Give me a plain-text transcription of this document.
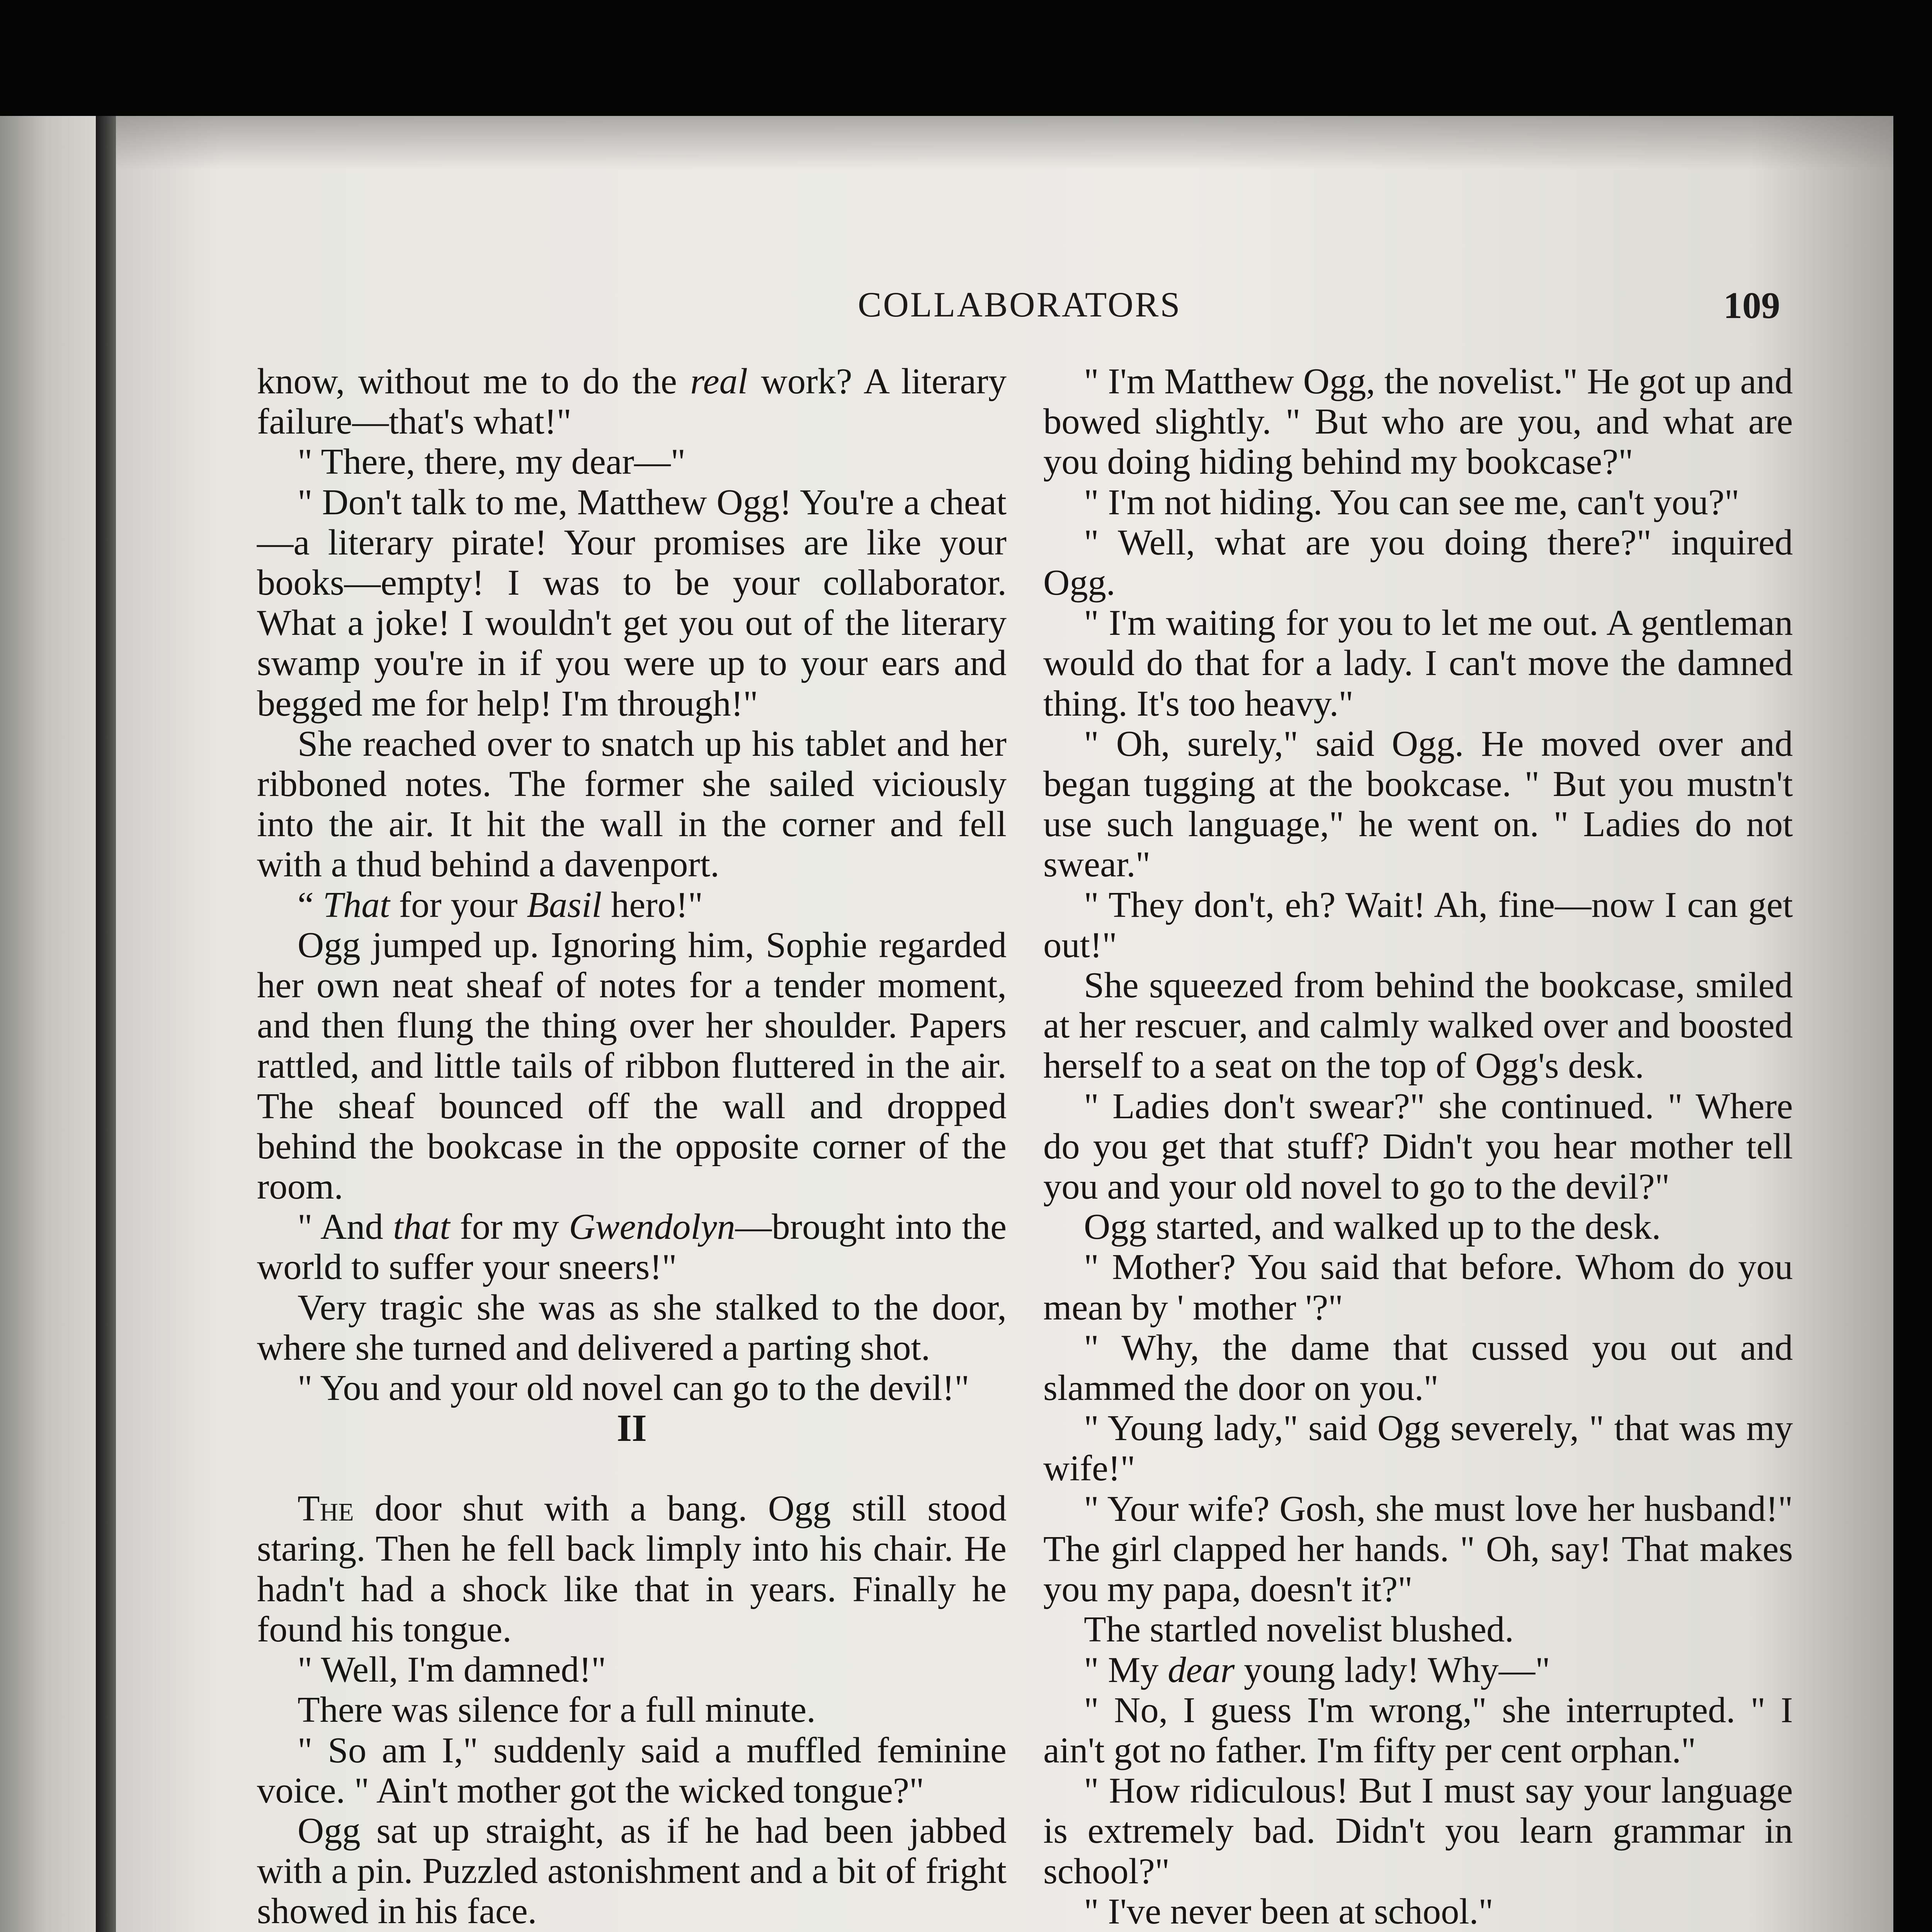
COLLABORATORS	109

know, without me to do the real work? A literary failure—that's what!"

" There, there, my dear—"

" Don't talk to me, Matthew Ogg! You're a cheat—a literary pirate! Your promises are like your books—empty! I was to be your collaborator. What a joke! I wouldn't get you out of the literary swamp you're in if you were up to your ears and begged me for help! I'm through!"

She reached over to snatch up his tablet and her ribboned notes. The former she sailed viciously into the air. It hit the wall in the corner and fell with a thud behind a davenport.

“ That for your Basil hero!"

Ogg jumped up. Ignoring him, Sophie regarded her own neat sheaf of notes for a tender moment, and then flung the thing over her shoulder. Papers rattled, and little tails of ribbon fluttered in the air. The sheaf bounced off the wall and dropped behind the bookcase in the opposite corner of the room.

" And that for my Gwendolyn—brought into the world to suffer your sneers!"

Very tragic she was as she stalked to the door, where she turned and delivered a parting shot.

" You and your old novel can go to the devil!"

II

The door shut with a bang. Ogg still stood staring. Then he fell back limply into his chair. He hadn't had a shock like that in years. Finally he found his tongue.

" Well, I'm damned!"

There was silence for a full minute.

" So am I," suddenly said a muffled feminine voice. " Ain't mother got the wicked tongue?"

Ogg sat up straight, as if he had been jabbed with a pin. Puzzled astonishment and a bit of fright showed in his face.

" I'm Matthew Ogg, the novelist." He got up and bowed slightly. " But who are you, and what are you doing hiding behind my bookcase?"

" I'm not hiding. You can see me, can't you?"

" Well, what are you doing there?" inquired Ogg.

" I'm waiting for you to let me out. A gentleman would do that for a lady. I can't move the damned thing. It's too heavy."

" Oh, surely," said Ogg. He moved over and began tugging at the bookcase. " But you mustn't use such language," he went on. " Ladies do not swear."

" They don't, eh? Wait! Ah, fine—now I can get out!"

She squeezed from behind the bookcase, smiled at her rescuer, and calmly walked over and boosted herself to a seat on the top of Ogg's desk.

" Ladies don't swear?" she continued. " Where do you get that stuff? Didn't you hear mother tell you and your old novel to go to the devil?"

Ogg started, and walked up to the desk.

" Mother? You said that before. Whom do you mean by ' mother '?"

" Why, the dame that cussed you out and slammed the door on you."

" Young lady," said Ogg severely, " that was my wife!"

" Your wife? Gosh, she must love her husband!" The girl clapped her hands. " Oh, say! That makes you my papa, doesn't it?"

The startled novelist blushed.

" My dear young lady! Why—"

" No, I guess I'm wrong," she interrupted. " I ain't got no father. I'm fifty per cent orphan."

" How ridiculous! But I must say your language is extremely bad. Didn't you learn grammar in school?"

" I've never been at school."
